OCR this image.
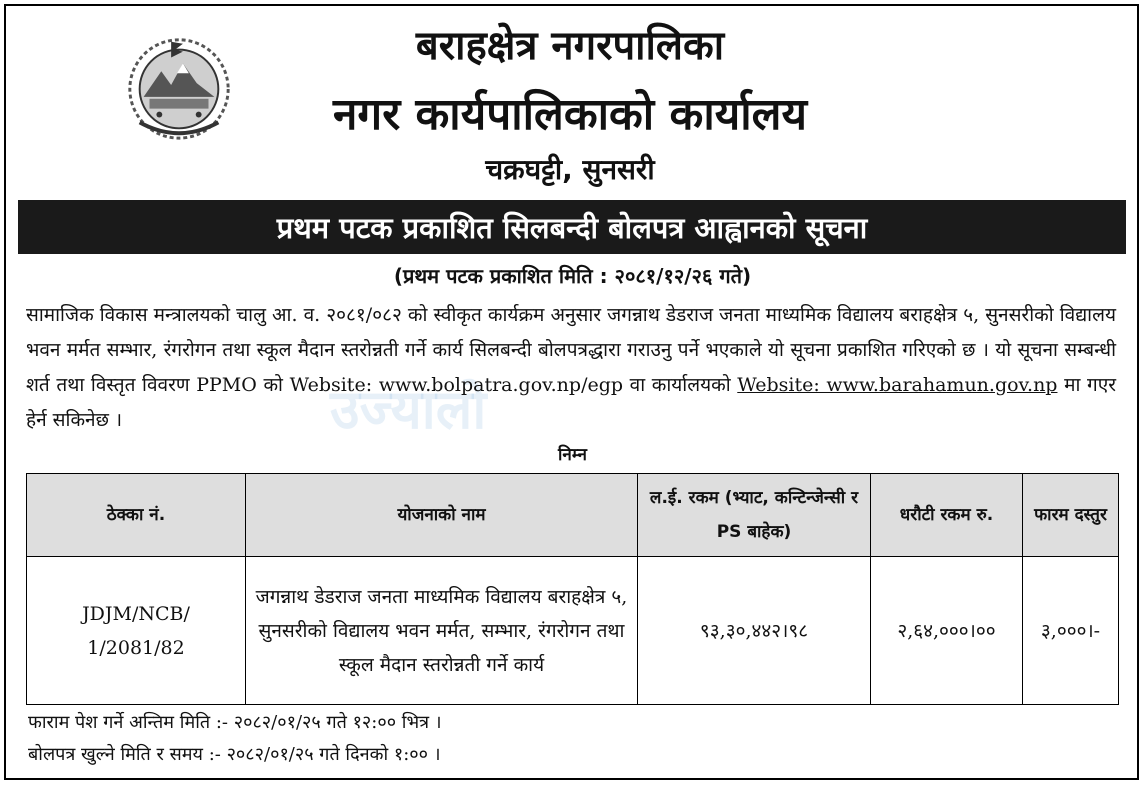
बराहक्षेत्र नगरपालिका
नगर कार्यपालिकाको कार्यालय
चक्रघट्टी, सुनसरी
प्रथम पटक प्रकाशित सिलबन्दी बोलपत्र आह्वानको सूचना
(प्रथम पटक प्रकाशित मिति : २०८१/१२/२६ गते)
उज्यालो
सामाजिक विकास मन्त्रालयको चालु आ. व. २०८१/०८२ को स्वीकृत कार्यक्रम अनुसार जगन्नाथ डेडराज जनता माध्यमिक विद्यालय बराहक्षेत्र ५, सुनसरीको विद्यालय भवन मर्मत सम्भार, रंगरोगन तथा स्कूल मैदान स्तरोन्नती गर्ने कार्य सिलबन्दी बोलपत्रद्धारा गराउनु पर्ने भएकाले यो सूचना प्रकाशित गरिएको छ । यो सूचना सम्बन्धी शर्त तथा विस्तृत विवरण PPMO को Website: www.bolpatra.gov.np/egp वा कार्यालयको Website: www.barahamun.gov.np मा गएर हेर्न सकिनेछ ।
निम्न
ठेक्का नं.	योजनाको नाम	ल.ई. रकम (भ्याट, कन्टिन्जेन्सी र PS बाहेक)	धरौटी रकम रु.	फारम दस्तुर
JDJM/NCB/ 1/2081/82	जगन्नाथ डेडराज जनता माध्यमिक विद्यालय बराहक्षेत्र ५, सुनसरीको विद्यालय भवन मर्मत, सम्भार, रंगरोगन तथा स्कूल मैदान स्तरोन्नती गर्ने कार्य	९३,३०,४४२।९८	२,६४,०००।००	३,०००।-
फाराम पेश गर्ने अन्तिम मिति :- २०८२/०१/२५ गते १२:०० भित्र ।
बोलपत्र खुल्ने मिति र समय :- २०८२/०१/२५ गते दिनको १:०० ।
